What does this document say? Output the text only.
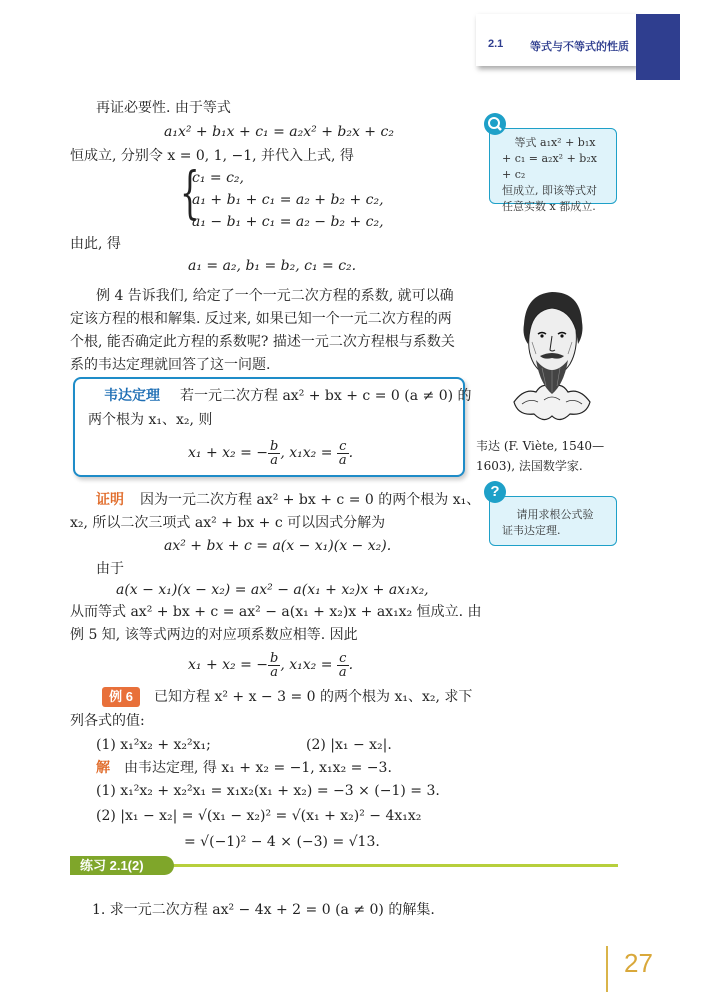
2.1 等式与不等式的性质
再证必要性. 由于等式
a₁x² + b₁x + c₁ = a₂x² + b₂x + c₂
恒成立, 分别令 x = 0, 1, −1, 并代入上式, 得
{
c₁ = c₂,
a₁ + b₁ + c₁ = a₂ + b₂ + c₂,
a₁ − b₁ + c₁ = a₂ − b₂ + c₂,
由此, 得
a₁ = a₂, b₁ = b₂, c₁ = c₂.
例 4 告诉我们, 给定了一个一元二次方程的系数, 就可以确
定该方程的根和解集. 反过来, 如果已知一个一元二次方程的两
个根, 能否确定此方程的系数呢? 描述一元二次方程根与系数关
系的韦达定理就回答了这一问题.
韦达定理 若一元二次方程 ax² + bx + c = 0 (a ≠ 0) 的
两个根为 x₁、x₂, 则
x₁ + x₂ = − $\frac{b}{a}$ , $x_1x_2 = \frac{c}{a}$ .
证明 因为一元二次方程 ax² + bx + c = 0 的两个根为 x₁、
x₂, 所以二次三项式 ax² + bx + c 可以因式分解为
ax² + bx + c = a(x − x₁)(x − x₂).
由于
a(x − x₁)(x − x₂) = ax² − a(x₁ + x₂)x + ax₁x₂,
从而等式 ax² + bx + c = ax² − a(x₁ + x₂)x + ax₁x₂ 恒成立. 由
例 5 知, 该等式两边的对应项系数应相等. 因此
x₁ + x₂ = − $\frac{b}{a}$ , $x_1x_2 = \frac{c}{a}$ .
例 6	已知方程 x² + x − 3 = 0 的两个根为 x₁、x₂, 求下
列各式的值:
(1) x₁²x₂ + x₂²x₁;	(2) |x₁ − x₂|.
解 由韦达定理, 得 x₁ + x₂ = −1, x₁x₂ = −3.
(1) x₁²x₂ + x₂²x₁ = x₁x₂(x₁ + x₂) = −3 × (−1) = 3.
(2) |x₁ − x₂| = √(x₁ − x₂)² = √(x₁ + x₂)² − 4x₁x₂
= √(−1)² − 4 × (−3) = √13.
练习 2.1(2)
1. 求一元二次方程 ax² − 4x + 2 = 0 (a ≠ 0) 的解集.
等式 a₁x² + b₁x
+ c₁ = a₂x² + b₂x + c₂
恒成立, 即该等式对
任意实数 x 都成立.
韦达 (F. Viète, 1540—
1603), 法国数学家.
请用求根公式验
证韦达定理.
?
27
